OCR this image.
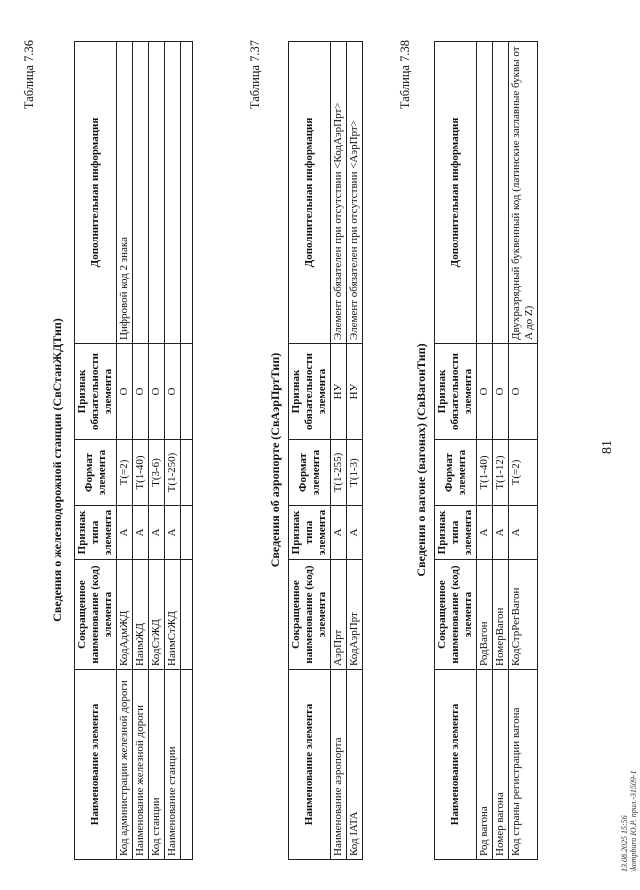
81
Таблица 7.36
Сведения о железнодорожной станции (СвСтанЖДТип)
Наименование элемента	Сокращенное наименование (код) элемента	Признак типа элемента	Формат элемента	Признак обязательности элемента	Дополнительная информация
Код администрации железной дороги	КодАдмЖД	А	Т(=2)	О	Цифровой код 2 знака
Наименование железной дороги	НаимЖД	А	Т(1-40)	О	
Код станции	КодСтЖД	А	Т(3-6)	О	
Наименование станции	НаимСтЖД	А	Т(1-250)	О	

Таблица 7.37
Сведения об аэропорте (СвАэрПртТип)
Наименование элемента	Сокращенное наименование (код) элемента	Признак типа элемента	Формат элемента	Признак обязательности элемента	Дополнительная информация
Наименование аэропорта	АэрПрт	А	Т(1-255)	НУ	Элемент обязателен при отсутствии <КодАэрПрт>
Код IATA	КодАэрПрт	А	Т(1-3)	НУ	Элемент обязателен при отсутствии <АэрПрт>
Таблица 7.38
Сведения о вагоне (вагонах) (СвВагонТип)
Наименование элемента	Сокращенное наименование (код) элемента	Признак типа элемента	Формат элемента	Признак обязательности элемента	Дополнительная информация
Род вагона	РодВагон	А	Т(1-40)	О	
Номер вагона	НомерВагон	А	Т(1-12)	О	
Код страны регистрации вагона	КодСтрРегВагон	А	Т(=2)	О	Двухразрядный буквенный код (латинские заглавные буквы от A до Z)
13.08.2025 15:56 \kompburo Ю.Р. прил.-31509-1
